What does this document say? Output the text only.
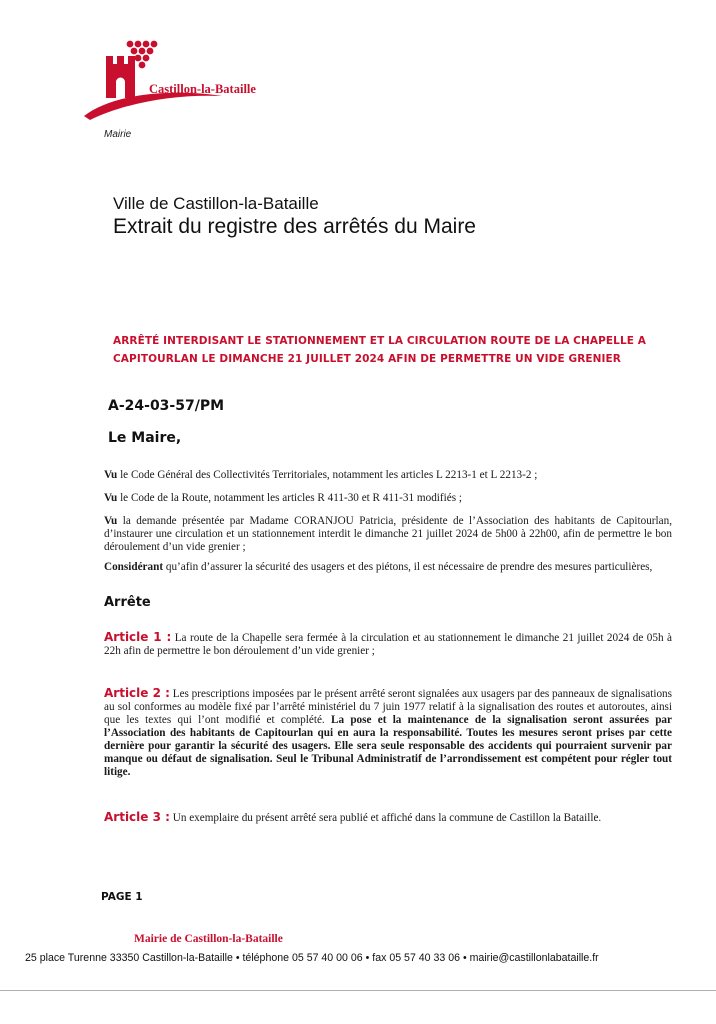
Castillon-la-Bataille
Mairie
Ville de Castillon-la-Bataille
Extrait du registre des arrêtés du Maire
ARRÊTÉ INTERDISANT LE STATIONNEMENT ET LA CIRCULATION ROUTE DE LA CHAPELLE A CAPITOURLAN LE DIMANCHE 21 JUILLET 2024 AFIN DE PERMETTRE UN VIDE GRENIER
A-24-03-57/PM
Le Maire,
Vu le Code Général des Collectivités Territoriales, notamment les articles L 2213-1 et L 2213-2 ;
Vu le Code de la Route, notamment les articles R 411-30 et R 411-31 modifiés ;
Vu la demande présentée par Madame CORANJOU Patricia, présidente de l’Association des habitants de Capitourlan, d’instaurer une circulation et un stationnement interdit le dimanche 21 juillet 2024 de 5h00 à 22h00, afin de permettre le bon déroulement d’un vide grenier ;
Considérant qu’afin d’assurer la sécurité des usagers et des piétons, il est nécessaire de prendre des mesures particulières,
Arrête
Article 1 : La route de la Chapelle sera fermée à la circulation et au stationnement le dimanche 21 juillet 2024 de 05h à 22h afin de permettre le bon déroulement d’un vide grenier ;
Article 2 : Les prescriptions imposées par le présent arrêté seront signalées aux usagers par des panneaux de signalisations au sol conformes au modèle fixé par l’arrêté ministériel du 7 juin 1977 relatif à la signalisation des routes et autoroutes, ainsi que les textes qui l’ont modifié et complété. La pose et la maintenance de la signalisation seront assurées par l’Association des habitants de Capitourlan qui en aura la responsabilité. Toutes les mesures seront prises par cette dernière pour garantir la sécurité des usagers. Elle sera seule responsable des accidents qui pourraient survenir par manque ou défaut de signalisation. Seul le Tribunal Administratif de l’arrondissement est compétent pour régler tout litige.
Article 3 : Un exemplaire du présent arrêté sera publié et affiché dans la commune de Castillon la Bataille.
PAGE 1
Mairie de Castillon-la-Bataille
25 place Turenne 33350 Castillon-la-Bataille • téléphone 05 57 40 00 06 • fax 05 57 40 33 06 • mairie@castillonlabataille.fr
